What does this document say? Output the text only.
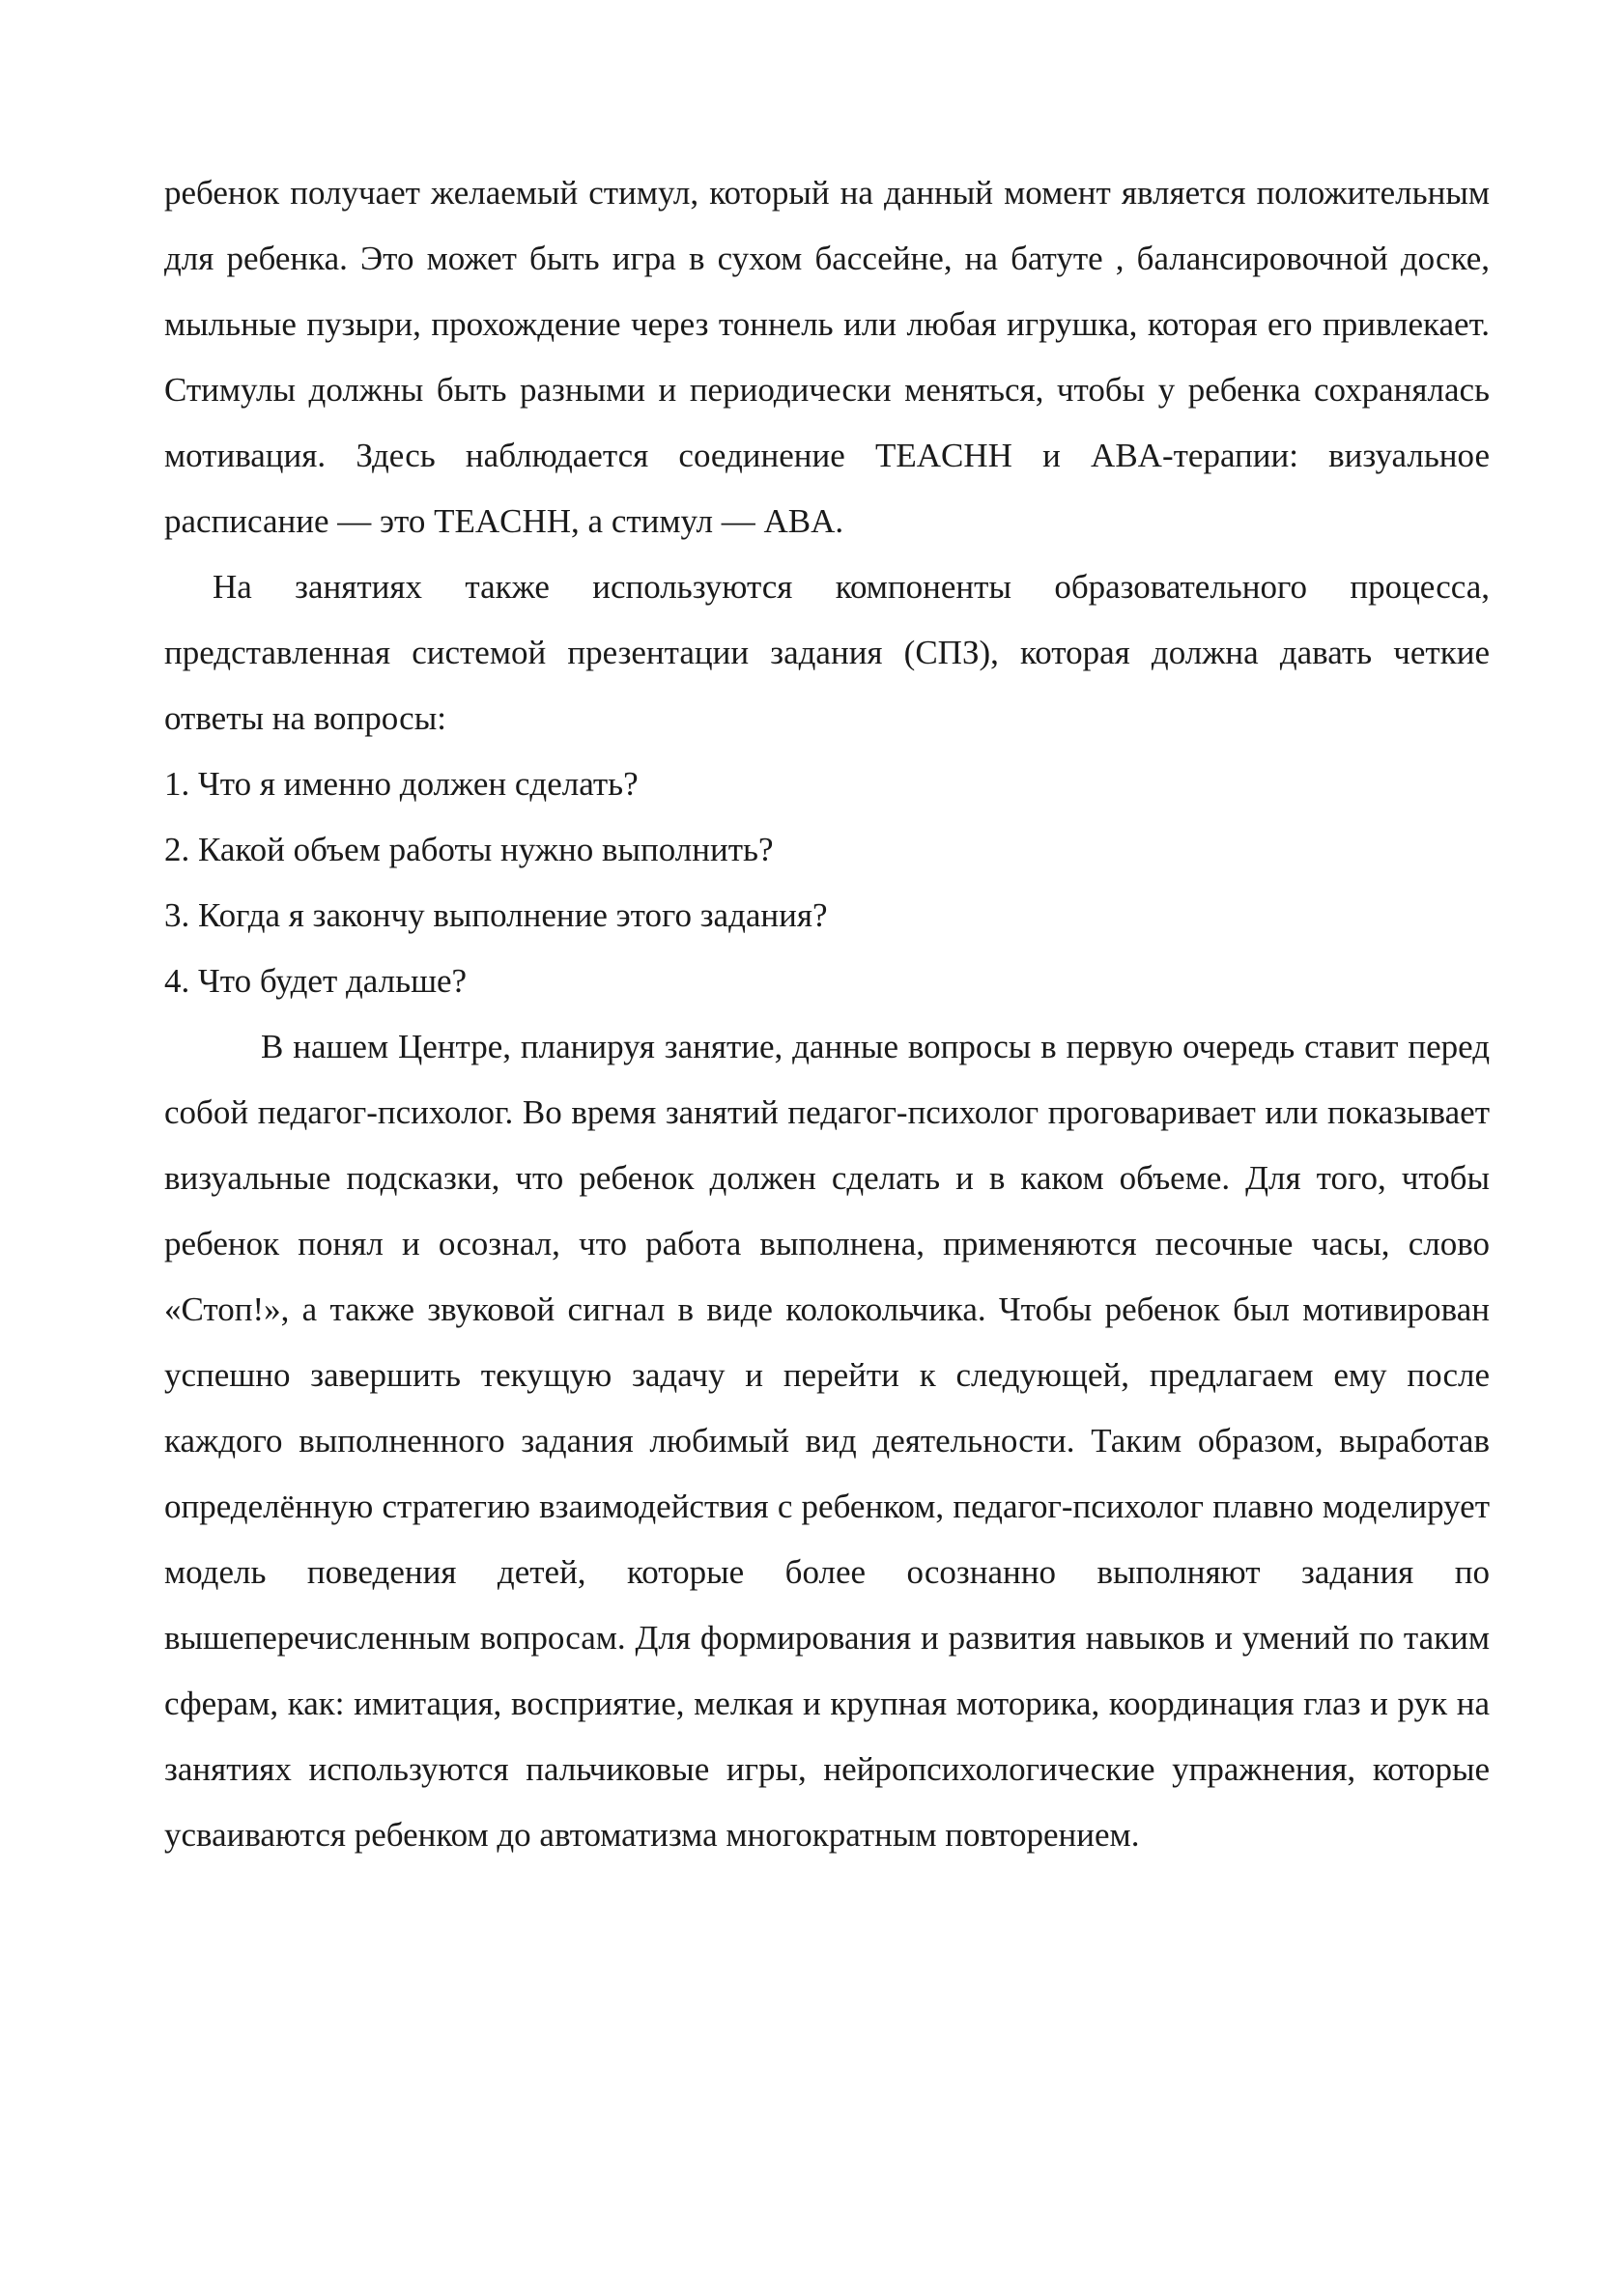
ребенок получает желаемый стимул, который на данный момент является положительным для ребенка. Это может быть игра в сухом бассейне, на батуте , балансировочной доске, мыльные пузыри, прохождение через тоннель или любая игрушка, которая его привлекает. Стимулы должны быть разными и периодически меняться, чтобы у ребенка сохранялась мотивация. Здесь наблюдается соединение TEACHH и ABA-терапии: визуальное расписание — это TEACHH, а стимул — ABA.

На занятиях также используются компоненты образовательного процесса, представленная системой презентации задания (СПЗ), которая должна давать четкие ответы на вопросы:

1. Что я именно должен сделать?

2. Какой объем работы нужно выполнить?

3. Когда я закончу выполнение этого задания?

4. Что будет дальше?

В нашем Центре, планируя занятие, данные вопросы в первую очередь ставит перед собой педагог-психолог. Во время занятий педагог-психолог проговаривает или показывает визуальные подсказки, что ребенок должен сделать и в каком объеме. Для того, чтобы ребенок понял и осознал, что работа выполнена, применяются песочные часы, слово «Стоп!», а также звуковой сигнал в виде колокольчика. Чтобы ребенок был мотивирован успешно завершить текущую задачу и перейти к следующей, предлагаем ему после каждого выполненного задания любимый вид деятельности. Таким образом, выработав определённую стратегию взаимодействия с ребенком, педагог-психолог плавно моделирует модель поведения детей, которые более осознанно выполняют задания по вышеперечисленным вопросам. Для формирования и развития навыков и умений по таким сферам, как: имитация, восприятие, мелкая и крупная моторика, координация глаз и рук на занятиях используются пальчиковые игры, нейропсихологические упражнения, которые усваиваются ребенком до автоматизма многократным повторением.
